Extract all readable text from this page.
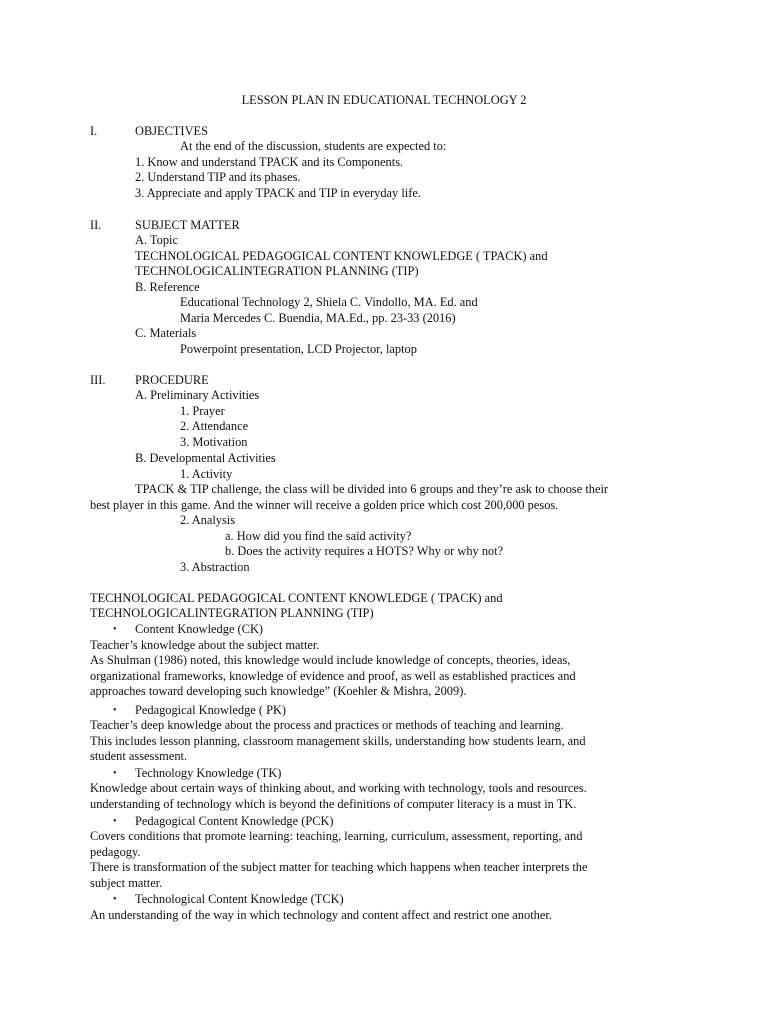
LESSON PLAN IN EDUCATIONAL TECHNOLOGY 2
I.	OBJECTIVES
At the end of the discussion, students are expected to:
1. Know and understand TPACK and its Components.
2. Understand TIP and its phases.
3. Appreciate and apply TPACK and TIP in everyday life.
II.	SUBJECT MATTER
A. Topic
TECHNOLOGICAL PEDAGOGICAL CONTENT KNOWLEDGE ( TPACK) and
TECHNOLOGICALINTEGRATION PLANNING (TIP)
B. Reference
Educational Technology 2, Shiela C. Vindollo, MA. Ed. and
Maria Mercedes C. Buendia, MA.Ed., pp. 23-33 (2016)
C. Materials
Powerpoint presentation, LCD Projector, laptop
III. PROCEDURE
A. Preliminary Activities
1. Prayer
2. Attendance
3. Motivation
B. Developmental Activities
1. Activity
TPACK & TIP challenge, the class will be divided into 6 groups and they’re ask to choose their
best player in this game. And the winner will receive a golden price which cost 200,000 pesos.
2. Analysis
a. How did you find the said activity?
b. Does the activity requires a HOTS? Why or why not?
3. Abstraction
TECHNOLOGICAL PEDAGOGICAL CONTENT KNOWLEDGE ( TPACK) and
TECHNOLOGICALINTEGRATION PLANNING (TIP)
• Content Knowledge (CK)
Teacher’s knowledge about the subject matter.
As Shulman (1986) noted, this knowledge would include knowledge of concepts, theories, ideas,
organizational frameworks, knowledge of evidence and proof, as well as established practices and
approaches toward developing such knowledge” (Koehler & Mishra, 2009).
• Pedagogical Knowledge ( PK)
Teacher’s deep knowledge about the process and practices or methods of teaching and learning.
This includes lesson planning, classroom management skills, understanding how students learn, and
student assessment.
• Technology Knowledge (TK)
Knowledge about certain ways of thinking about, and working with technology, tools and resources.
understanding of technology which is beyond the definitions of computer literacy is a must in TK.
• Pedagogical Content Knowledge (PCK)
Covers conditions that promote learning: teaching, learning, curriculum, assessment, reporting, and
pedagogy.
There is transformation of the subject matter for teaching which happens when teacher interprets the
subject matter.
• Technological Content Knowledge (TCK)
An understanding of the way in which technology and content affect and restrict one another.
